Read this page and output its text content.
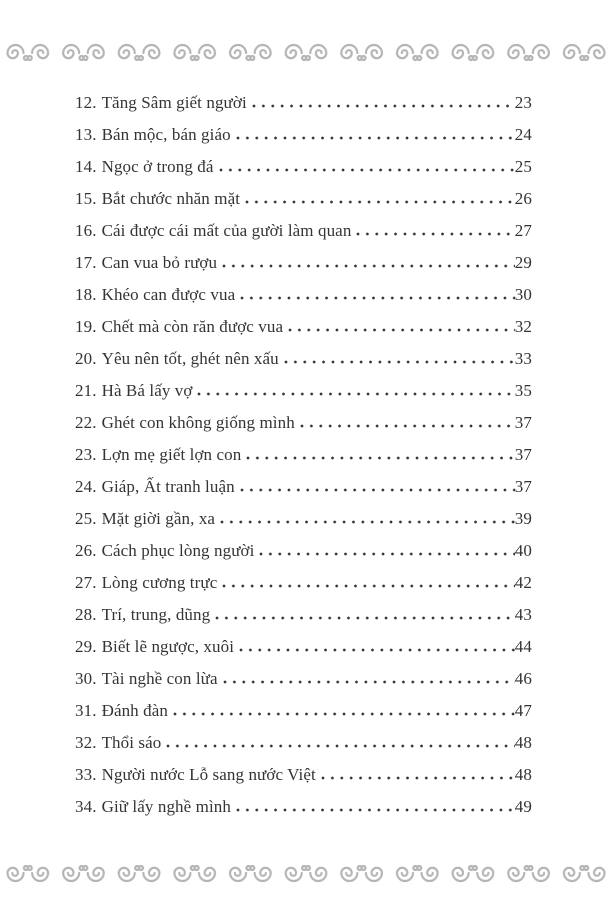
12. Tăng Sâm giết người	23
13. Bán mộc, bán giáo	24
14. Ngọc ở trong đá	25
15. Bắt chước nhăn mặt	26
16. Cái được cái mất của gười làm quan	27
17. Can vua bỏ rượu	29
18. Khéo can được vua	30
19. Chết mà còn răn được vua	32
20. Yêu nên tốt, ghét nên xấu	33
21. Hà Bá lấy vợ	35
22. Ghét con không giống mình	37
23. Lợn mẹ giết lợn con	37
24. Giáp, Ất tranh luận	37
25. Mặt giời gần, xa	39
26. Cách phục lòng người	40
27. Lòng cương trực	42
28. Trí, trung, dũng	43
29. Biết lẽ ngược, xuôi	44
30. Tài nghề con lừa	46
31. Đánh đàn	47
32. Thổi sáo	48
33. Người nước Lỗ sang nước Việt	48
34. Giữ lấy nghề mình	49
